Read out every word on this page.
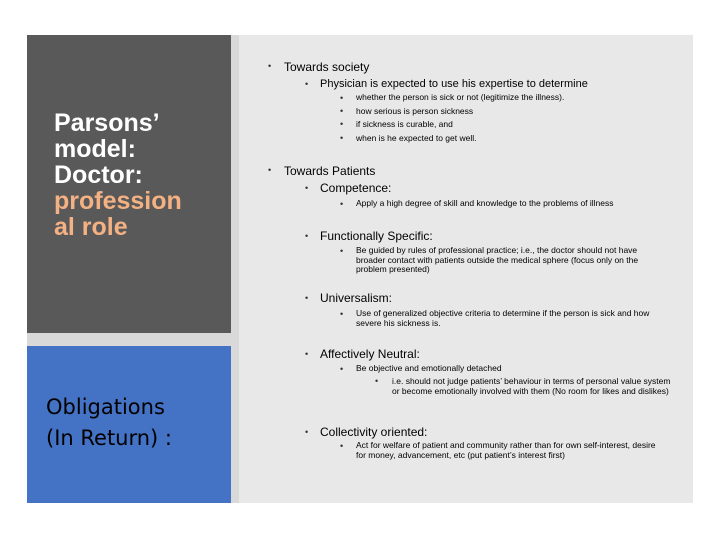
Parsons’
model:
Doctor:
profession
al role
Obligations
(In Return) :
• Towards society
• Physician is expected to use his expertise to determine
• whether the person is sick or not (legitimize the illness).
• how serious is person sickness
• if sickness is curable, and
• when is he expected to get well.
• Towards Patients
• Competence:
• Apply a high degree of skill and knowledge to the problems of illness
• Functionally Specific:
• Be guided by rules of professional practice; i.e., the doctor should not have broader contact with patients outside the medical sphere (focus only on the problem presented)
• Universalism:
• Use of generalized objective criteria to determine if the person is sick and how severe his sickness is.
• Affectively Neutral:
• Be objective and emotionally detached
• i.e. should not judge patients’ behaviour in terms of personal value system or become emotionally involved with them (No room for likes and dislikes)
• Collectivity oriented:
• Act for welfare of patient and community rather than for own self-interest, desire for money, advancement, etc (put patient’s interest first)
